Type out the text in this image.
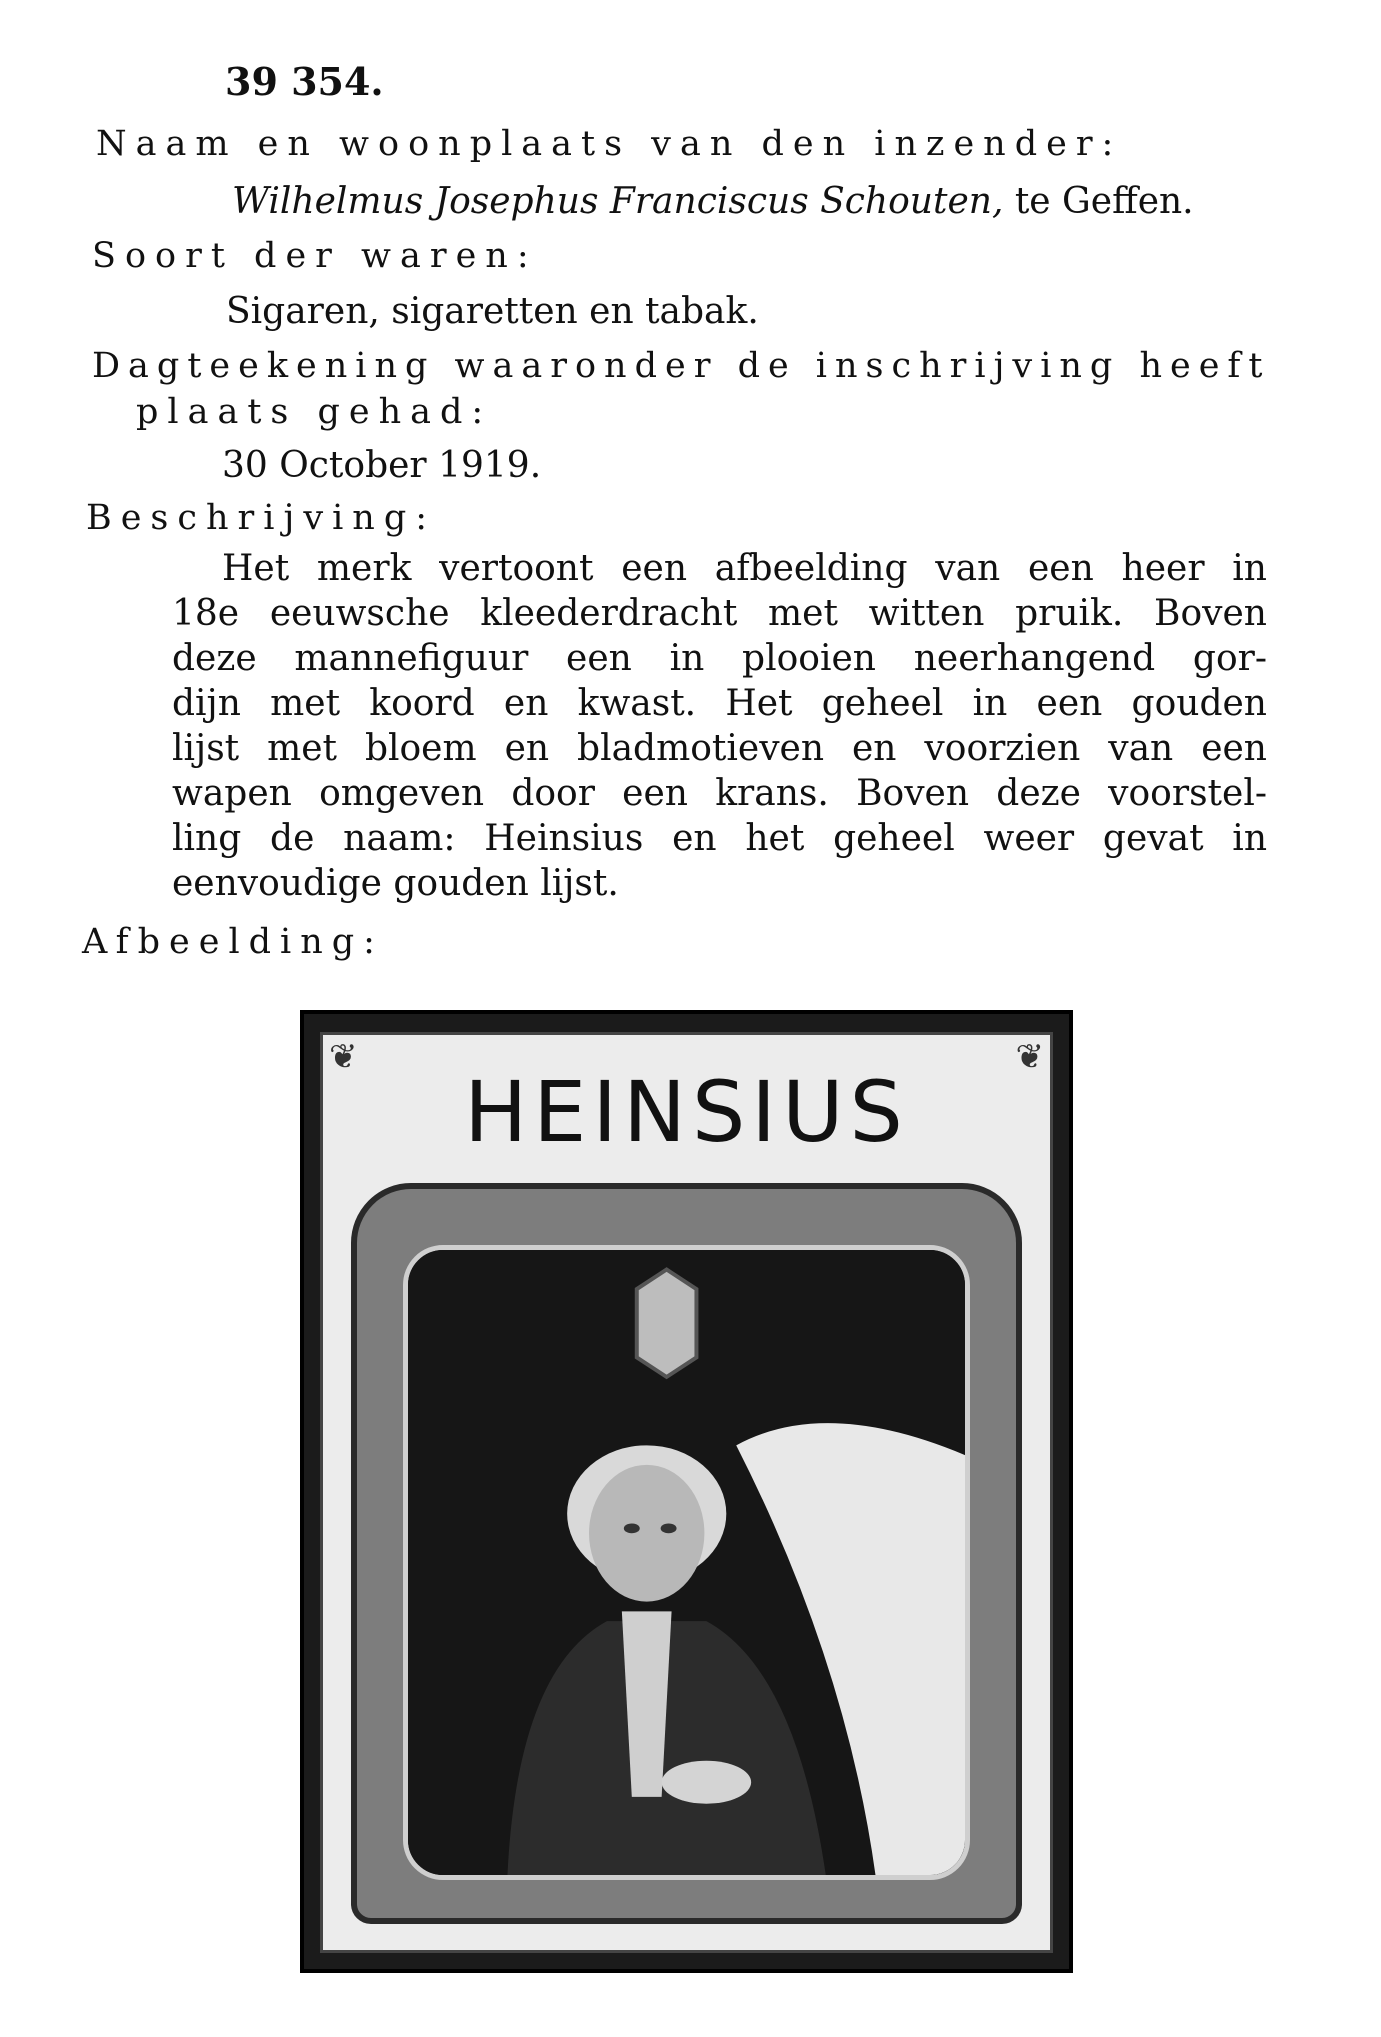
39 354.
Naam en woonplaats van den inzender:
Wilhelmus Josephus Franciscus Schouten, te Geffen.
Soort der waren:
Sigaren, sigaretten en tabak.
Dagteekening waaronder de inschrijving heeft
plaats gehad:
30 October 1919.
Beschrijving:
Het merk vertoont een afbeelding van een heer in
18e eeuwsche kleederdracht met witten pruik. Boven
deze mannefiguur een in plooien neerhangend gor-
dijn met koord en kwast. Het geheel in een gouden
lijst met bloem en bladmotieven en voorzien van een
wapen omgeven door een krans. Boven deze voorstel-
ling de naam: Heinsius en het geheel weer gevat in
eenvoudige gouden lijst.
Afbeelding:
❦	❦
HEINSIUS
